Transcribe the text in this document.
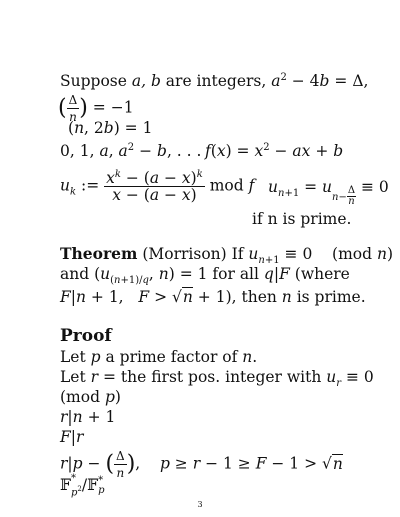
Suppose a, b are integers, $a^2 - 4b = \Delta$,
( $\frac{\Delta}{n}$ ) = −1
(n, 2b) = 1
0, 1, a, $a^2 - b$, . . . $f(x) = x^2$ − ax + b
$u_k$ := $\frac{x^k - (a - x)^k}{x - (a - x)}$ mod f $u_{n+1} = u_{n- \frac{\Delta}{n}} \equiv 0$
if n is prime.
Theorem (Morrison) If $u_{n+1} \equiv 0$    (mod n)
and ($u_{(n+1)/q}$, n) = 1 for all q|F (where
F|n + 1,   F > √n + 1), then n is prime.
Proof
Let p a prime factor of n.
Let r = the first pos. integer with $u_r \equiv 0$
(mod p)
r|n + 1
F|r
r|p − ( $\frac{\Delta}{n}$ ),    p ≥ r − 1 ≥ F − 1 > √n
𝔽 *
$p^2$ /𝔽 *
p
3
